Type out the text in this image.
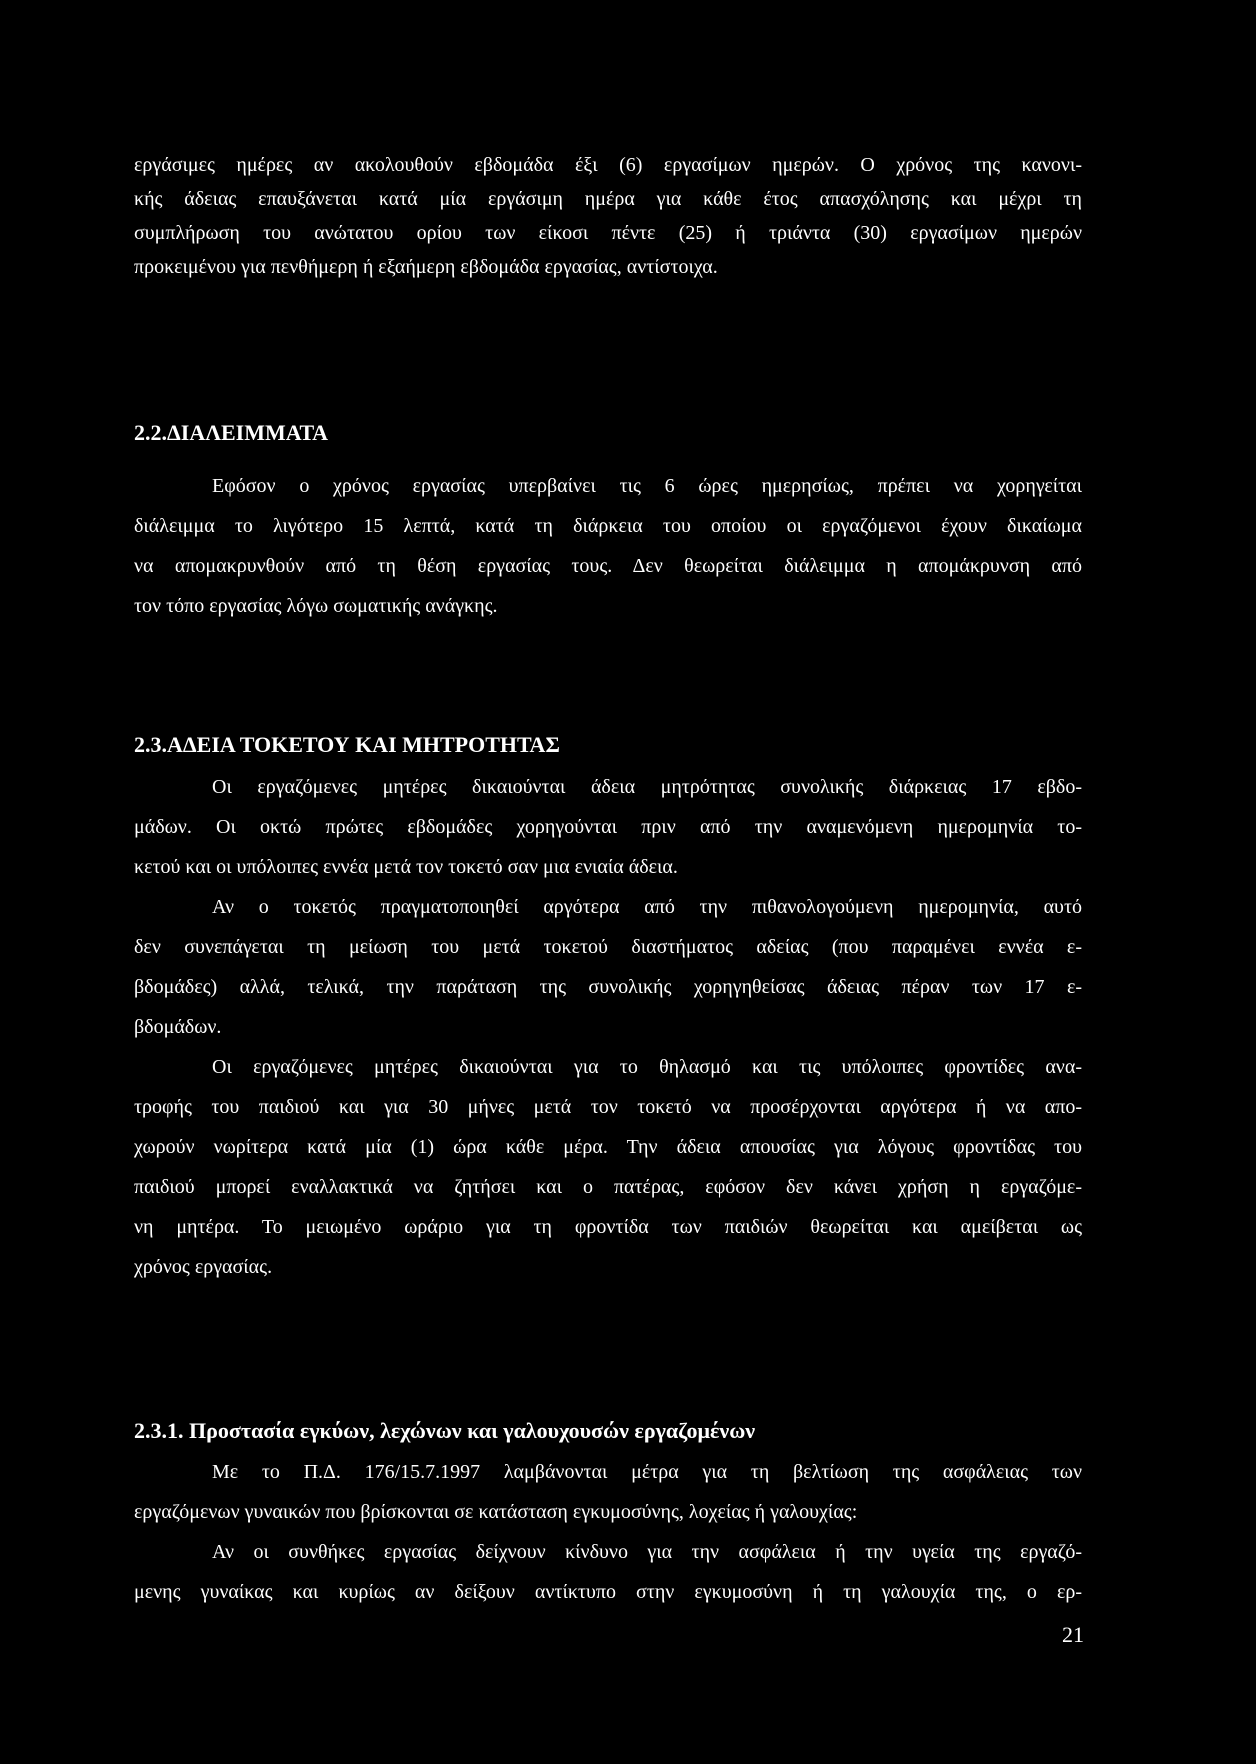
εργάσιμες ημέρες αν ακολουθούν εβδομάδα έξι (6) εργασίμων ημερών. Ο χρόνος της κανονι-
κής άδειας επαυξάνεται κατά μία εργάσιμη ημέρα για κάθε έτος απασχόλησης και μέχρι τη
συμπλήρωση του ανώτατου ορίου των είκοσι πέντε (25) ή τριάντα (30) εργασίμων ημερών
προκειμένου για πενθήμερη ή εξαήμερη εβδομάδα εργασίας, αντίστοιχα.

2.2.ΔΙΑΛΕΙΜΜΑΤΑ

Εφόσον ο χρόνος εργασίας υπερβαίνει τις 6 ώρες ημερησίως, πρέπει να χορηγείται
διάλειμμα το λιγότερο 15 λεπτά, κατά τη διάρκεια του οποίου οι εργαζόμενοι έχουν δικαίωμα
να απομακρυνθούν από τη θέση εργασίας τους. Δεν θεωρείται διάλειμμα η απομάκρυνση από
τον τόπο εργασίας λόγω σωματικής ανάγκης.

2.3.ΑΔΕΙΑ ΤΟΚΕΤΟΥ ΚΑΙ ΜΗΤΡΟΤΗΤΑΣ

Οι εργαζόμενες μητέρες δικαιούνται άδεια μητρότητας συνολικής διάρκειας 17 εβδο-
μάδων. Οι οκτώ πρώτες εβδομάδες χορηγούνται πριν από την αναμενόμενη ημερομηνία το-
κετού και οι υπόλοιπες εννέα μετά τον τοκετό σαν μια ενιαία άδεια.
Αν ο τοκετός πραγματοποιηθεί αργότερα από την πιθανολογούμενη ημερομηνία, αυτό
δεν συνεπάγεται τη μείωση του μετά τοκετού διαστήματος αδείας (που παραμένει εννέα ε-
βδομάδες) αλλά, τελικά, την παράταση της συνολικής χορηγηθείσας άδειας πέραν των 17 ε-
βδομάδων.
Οι εργαζόμενες μητέρες δικαιούνται για το θηλασμό και τις υπόλοιπες φροντίδες ανα-
τροφής του παιδιού και για 30 μήνες μετά τον τοκετό να προσέρχονται αργότερα ή να απο-
χωρούν νωρίτερα κατά μία (1) ώρα κάθε μέρα. Την άδεια απουσίας για λόγους φροντίδας του
παιδιού μπορεί εναλλακτικά να ζητήσει και ο πατέρας, εφόσον δεν κάνει χρήση η εργαζόμε-
νη μητέρα. Το μειωμένο ωράριο για τη φροντίδα των παιδιών θεωρείται και αμείβεται ως
χρόνος εργασίας.

2.3.1. Προστασία εγκύων, λεχώνων και γαλουχουσών εργαζομένων

Με το Π.Δ. 176/15.7.1997 λαμβάνονται μέτρα για τη βελτίωση της ασφάλειας των
εργαζόμενων γυναικών που βρίσκονται σε κατάσταση εγκυμοσύνης, λοχείας ή γαλουχίας:
Αν οι συνθήκες εργασίας δείχνουν κίνδυνο για την ασφάλεια ή την υγεία της εργαζό-
μενης γυναίκας και κυρίως αν δείξουν αντίκτυπο στην εγκυμοσύνη ή τη γαλουχία της, ο ερ-

21
